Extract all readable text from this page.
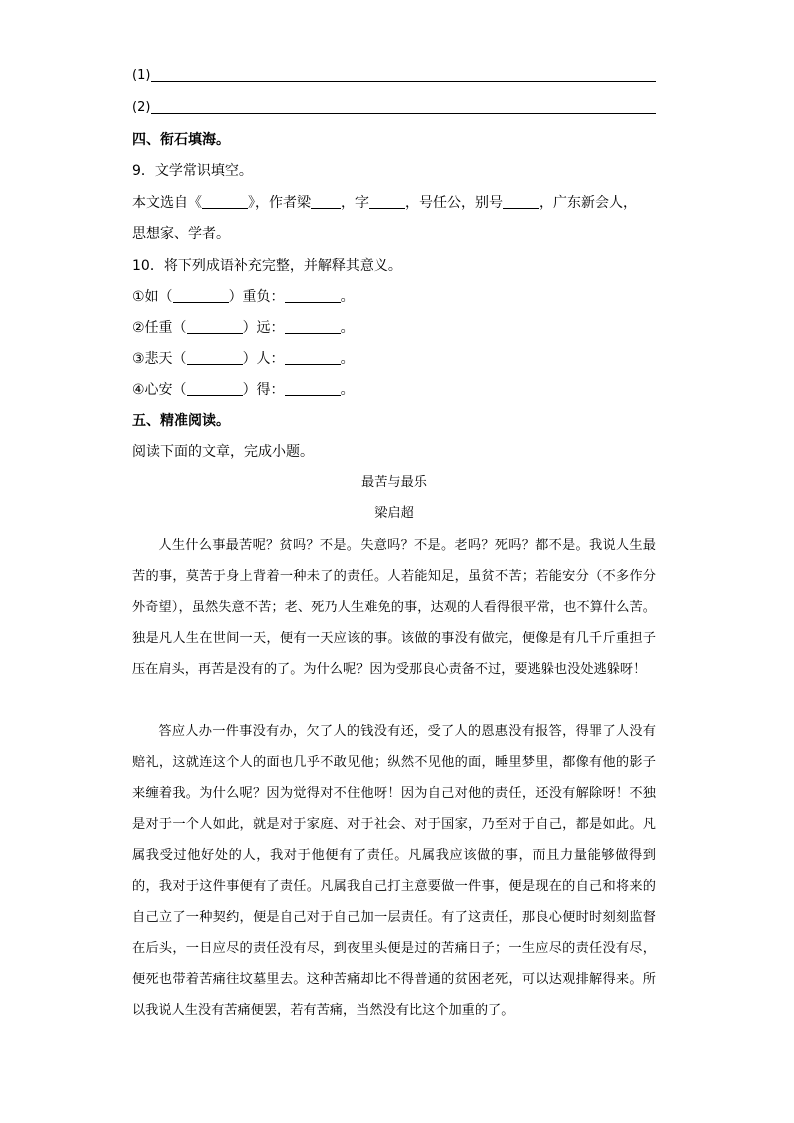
(1)
(2)
四、衔石填海。
9．文学常识填空。
本文选自《	》，作者梁 ，字	，号任公，别号	，广东新会人，
思想家、学者。
10．将下列成语补充完整，并解释其意义。
①如（	）重负：	。
②任重（	）远：	。
③悲天（	）人：	。
④心安（	）得：	。
五、精准阅读。
阅读下面的文章，完成小题。
最苦与最乐
梁启超
人生什么事最苦呢？贫吗？不是。失意吗？不是。老吗？死吗？都不是。我说人生最苦的事，莫苦于身上背着一种未了的责任。人若能知足，虽贫不苦；若能安分（不多作分外奇望），虽然失意不苦；老、死乃人生难免的事，达观的人看得很平常，也不算什么苦。独是凡人生在世间一天，便有一天应该的事。该做的事没有做完，便像是有几千斤重担子压在肩头，再苦是没有的了。为什么呢？因为受那良心责备不过，要逃躲也没处逃躲呀！
答应人办一件事没有办，欠了人的钱没有还，受了人的恩惠没有报答，得罪了人没有赔礼，这就连这个人的面也几乎不敢见他；纵然不见他的面，睡里梦里，都像有他的影子来缠着我。为什么呢？因为觉得对不住他呀！因为自己对他的责任，还没有解除呀！不独是对于一个人如此，就是对于家庭、对于社会、对于国家，乃至对于自己，都是如此。凡属我受过他好处的人，我对于他便有了责任。凡属我应该做的事，而且力量能够做得到的，我对于这件事便有了责任。凡属我自己打主意要做一件事，便是现在的自己和将来的自己立了一种契约，便是自己对于自己加一层责任。有了这责任，那良心便时时刻刻监督在后头，一日应尽的责任没有尽，到夜里头便是过的苦痛日子；一生应尽的责任没有尽，便死也带着苦痛往坟墓里去。这种苦痛却比不得普通的贫困老死，可以达观排解得来。所以我说人生没有苦痛便罢，若有苦痛，当然没有比这个加重的了。
